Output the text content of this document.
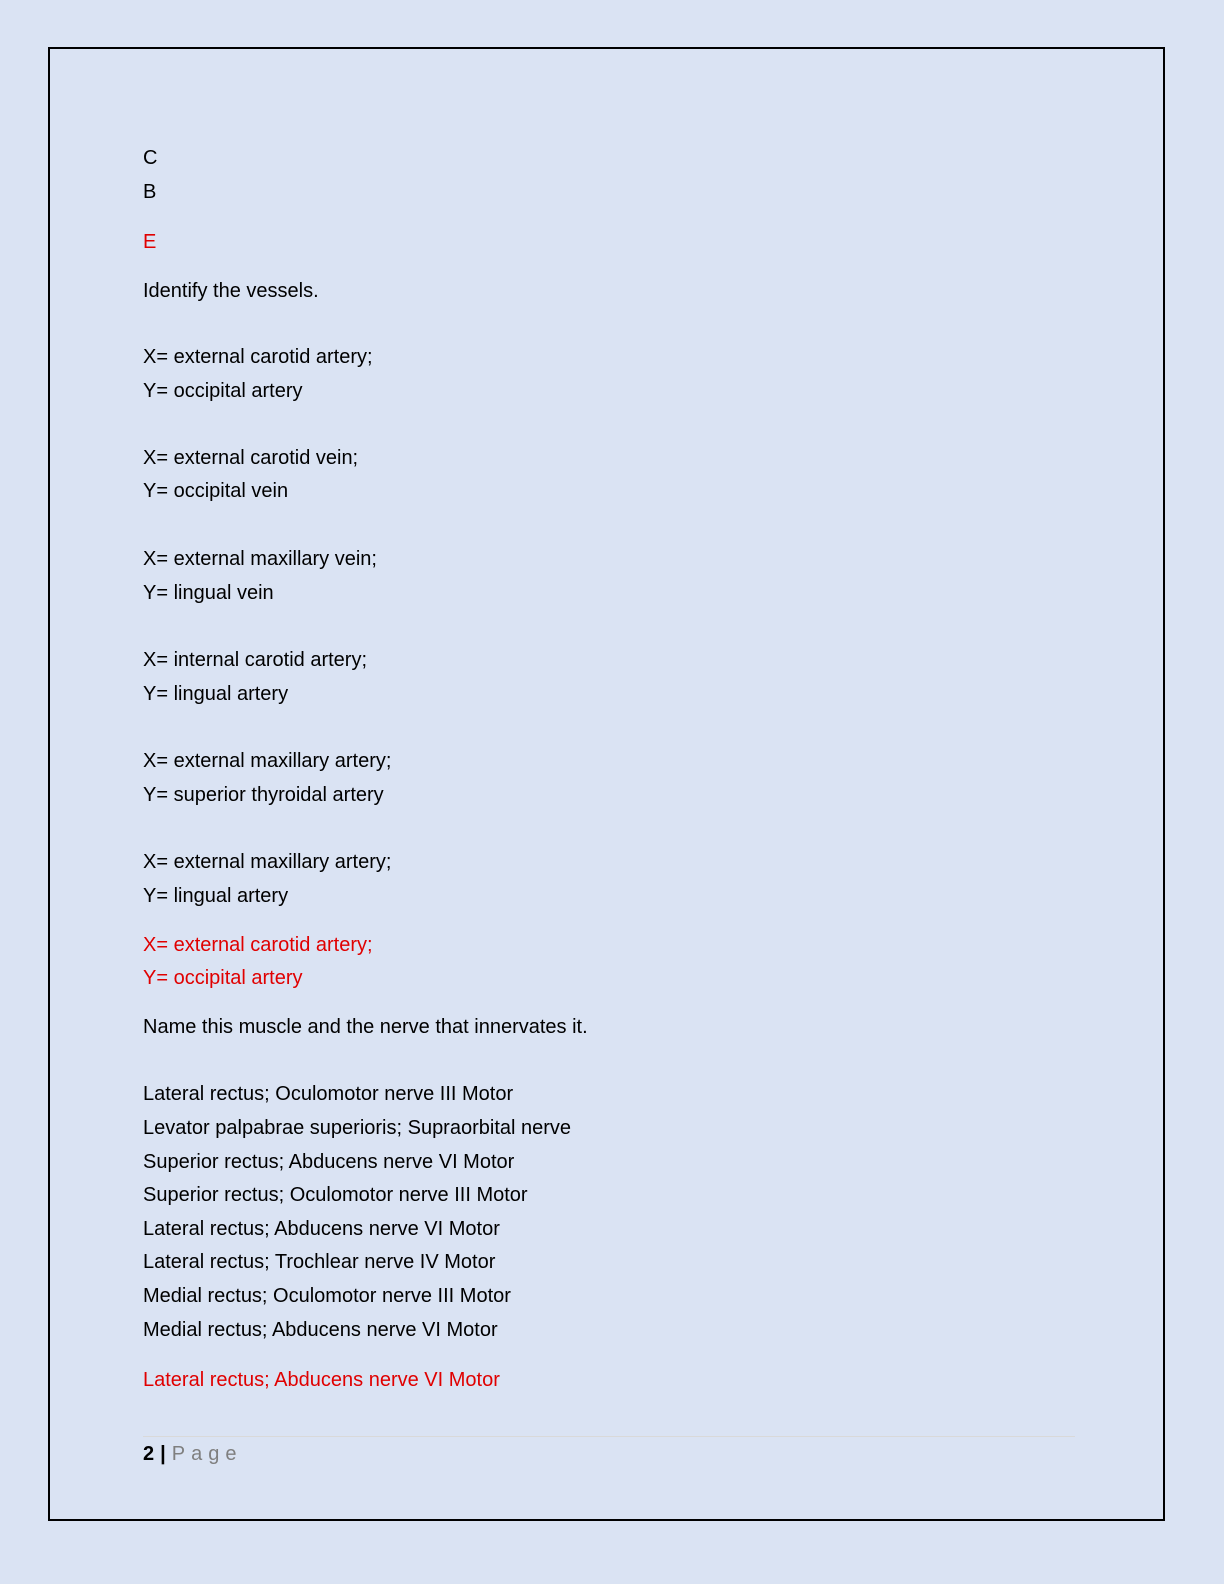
C
B
E
Identify the vessels.
X= external carotid artery;
Y= occipital artery
X= external carotid vein;
Y= occipital vein
X= external maxillary vein;
Y= lingual vein
X= internal carotid artery;
Y= lingual artery
X= external maxillary artery;
Y= superior thyroidal artery
X= external maxillary artery;
Y= lingual artery
X= external carotid artery;
Y= occipital artery
Name this muscle and the nerve that innervates it.
Lateral rectus; Oculomotor nerve III Motor
Levator palpabrae superioris; Supraorbital nerve
Superior rectus; Abducens nerve VI Motor
Superior rectus; Oculomotor nerve III Motor
Lateral rectus; Abducens nerve VI Motor
Lateral rectus; Trochlear nerve IV Motor
Medial rectus; Oculomotor nerve III Motor
Medial rectus; Abducens nerve VI Motor
Lateral rectus; Abducens nerve VI Motor
2 | Page
